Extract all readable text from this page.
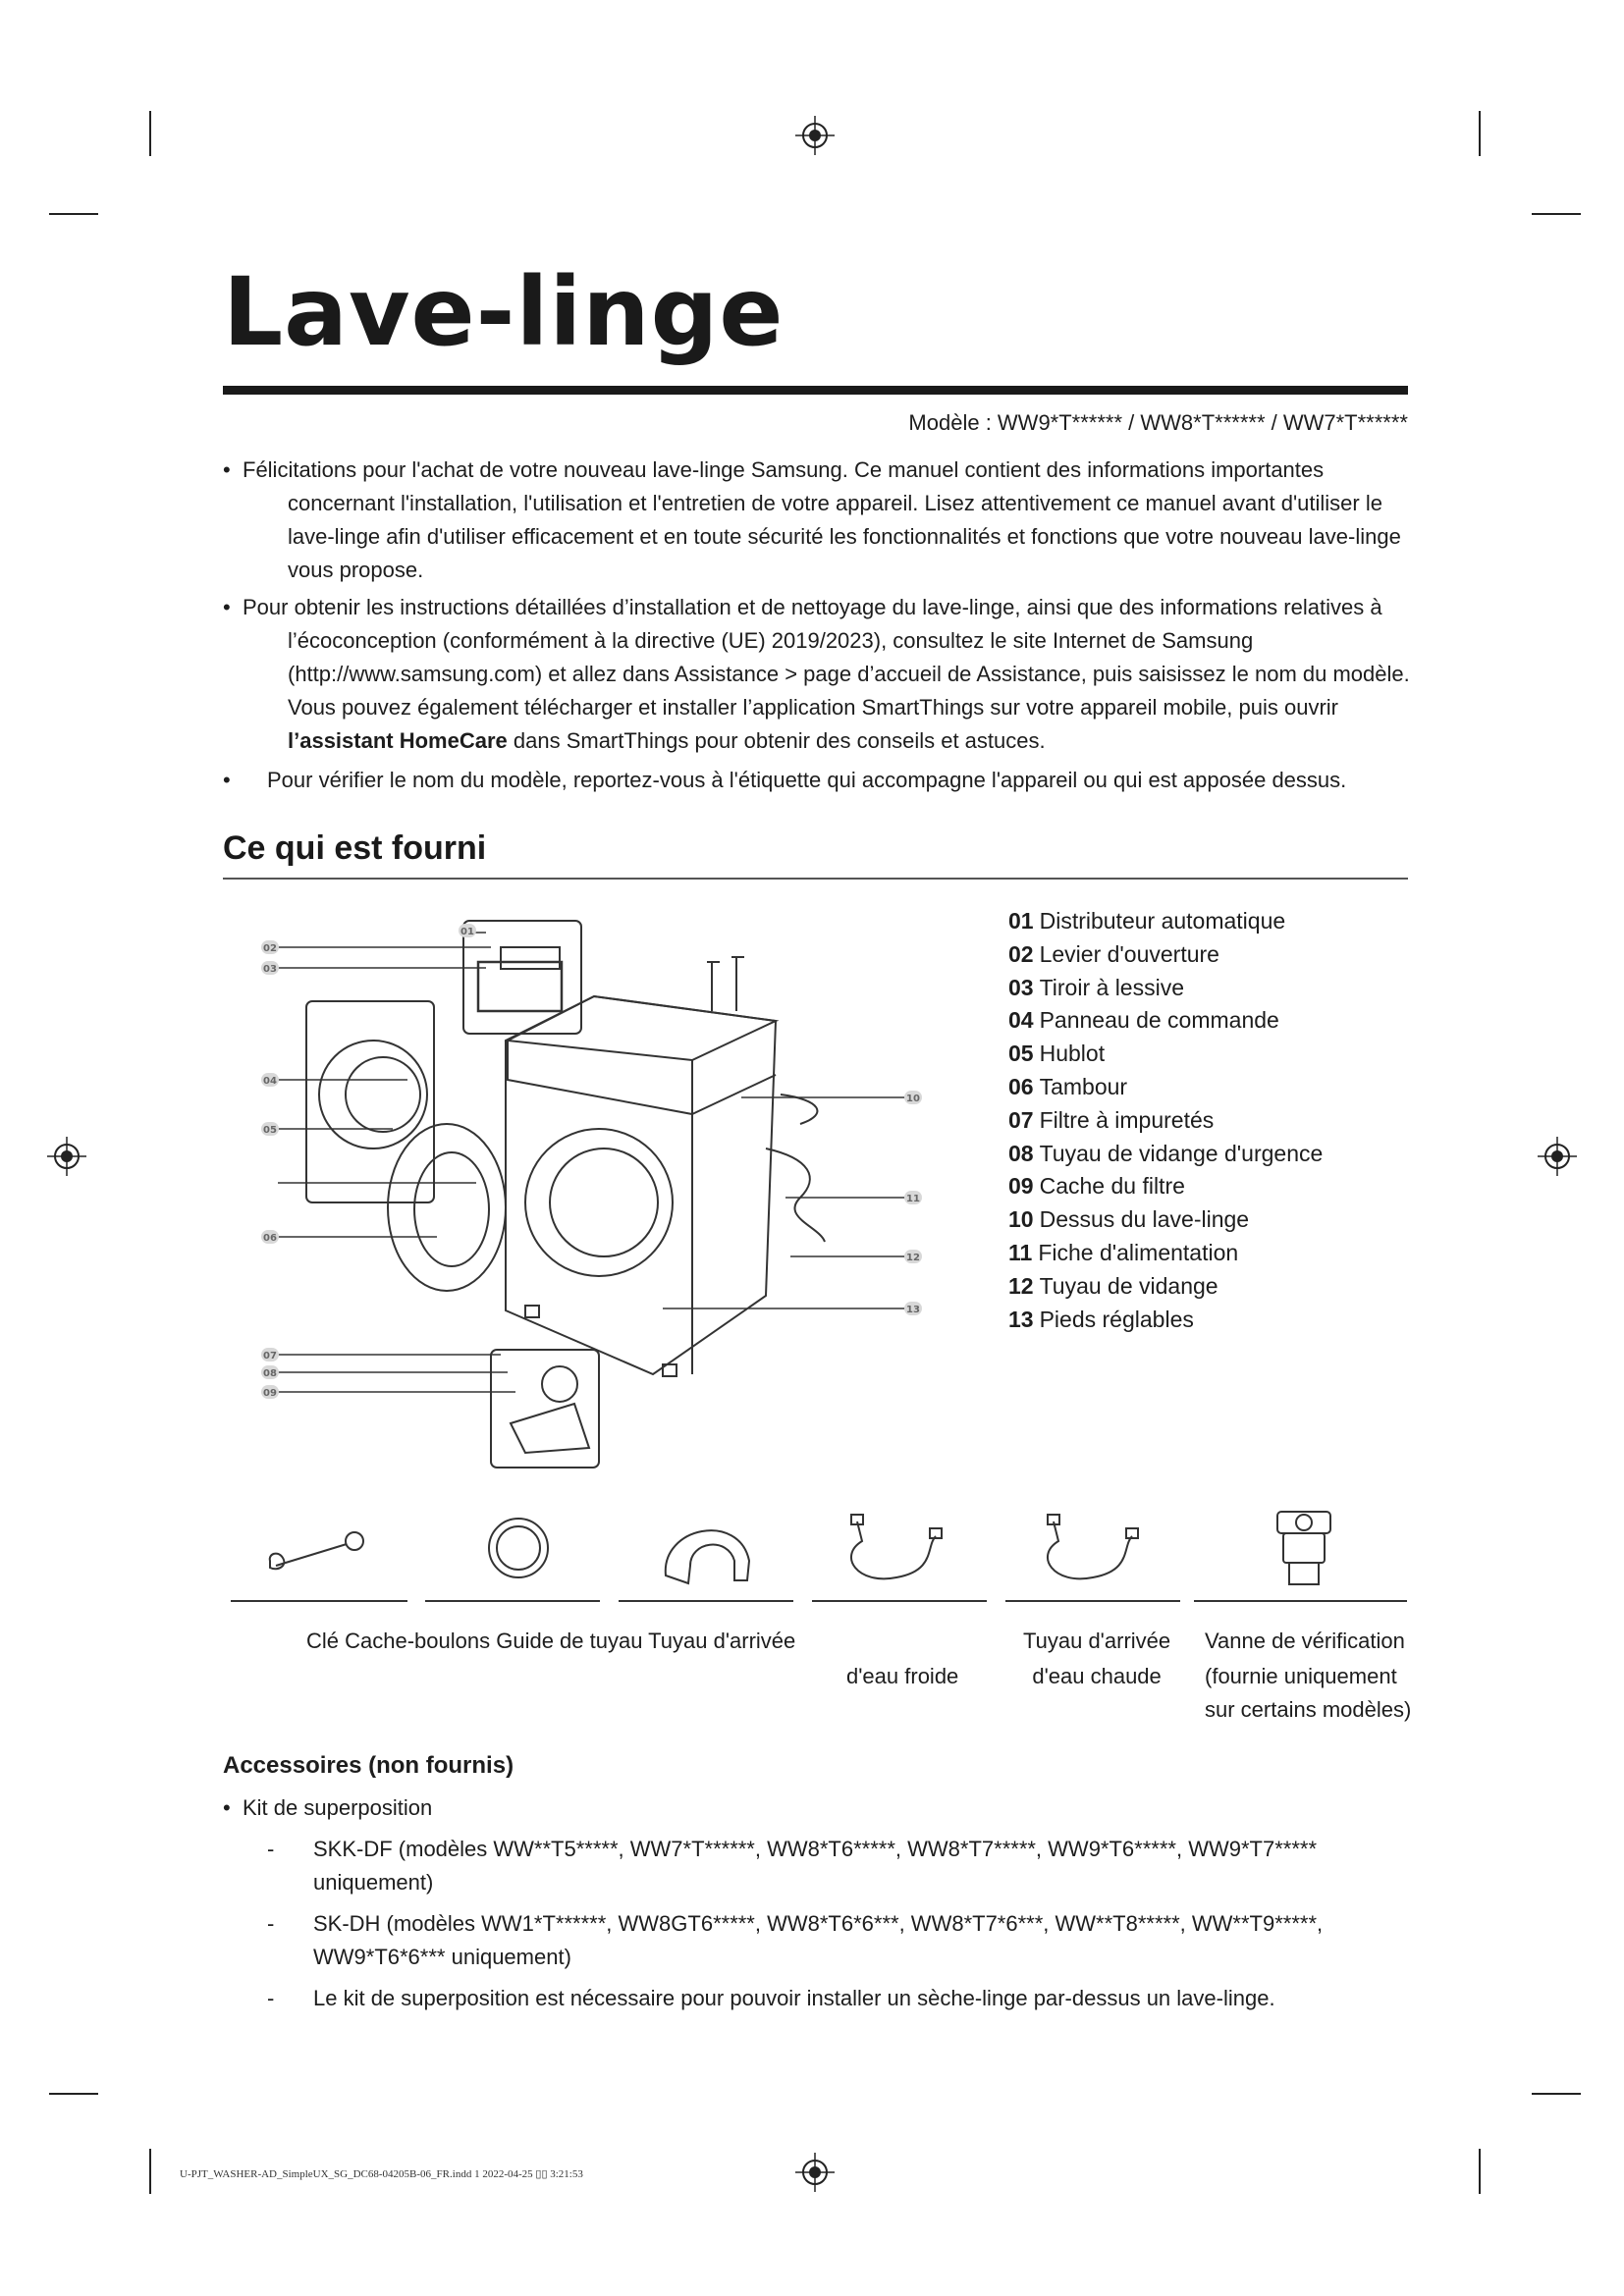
Lave-linge
Modèle : WW9*T****** / WW8*T****** / WW7*T******
• Félicitations pour l'achat de votre nouveau lave-linge Samsung. Ce manuel contient des informations importantes concernant l'installation, l'utilisation et l'entretien de votre appareil. Lisez attentivement ce manuel avant d'utiliser le lave-linge afin d'utiliser efficacement et en toute sécurité les fonctionnalités et fonctions que votre nouveau lave-linge vous propose.
• Pour obtenir les instructions détaillées d’installation et de nettoyage du lave-linge, ainsi que des informations relatives à l’écoconception (conformément à la directive (UE) 2019/2023), consultez le site Internet de Samsung (http://www.samsung.com) et allez dans Assistance > page d’accueil de Assistance, puis saisissez le nom du modèle. Vous pouvez également télécharger et installer l’application SmartThings sur votre appareil mobile, puis ouvrir l’assistant HomeCare dans SmartThings pour obtenir des conseils et astuces.
•	Pour vérifier le nom du modèle, reportez-vous à l'étiquette qui accompagne l'appareil ou qui est apposée dessus.
Ce qui est fourni
01
02
03
04
05
06
07
08
09
10
11
12
13
01 Distributeur automatique
02 Levier d'ouverture
03 Tiroir à lessive
04 Panneau de commande
05 Hublot
06 Tambour
07 Filtre à impuretés
08 Tuyau de vidange d'urgence
09 Cache du filtre
10 Dessus du lave-linge
11 Fiche d'alimentation
12 Tuyau de vidange
13 Pieds réglables
Clé Cache-boulons Guide de tuyau Tuyau d'arrivée
d'eau froide
Tuyau d'arrivée
d'eau chaude
Vanne de vérification
(fournie uniquement
sur certains modèles)
Accessoires (non fournis)
• Kit de superposition
- SKK-DF (modèles WW**T5*****, WW7*T******, WW8*T6*****, WW8*T7*****, WW9*T6*****, WW9*T7***** uniquement)
- SK-DH (modèles WW1*T******, WW8GT6*****, WW8*T6*6***, WW8*T7*6***, WW**T8*****, WW**T9*****, WW9*T6*6*** uniquement)
- Le kit de superposition est nécessaire pour pouvoir installer un sèche-linge par-dessus un lave-linge.
U-PJT_WASHER-AD_SimpleUX_SG_DC68-04205B-06_FR.indd 1 2022-04-25 ▯▯ 3:21:53
